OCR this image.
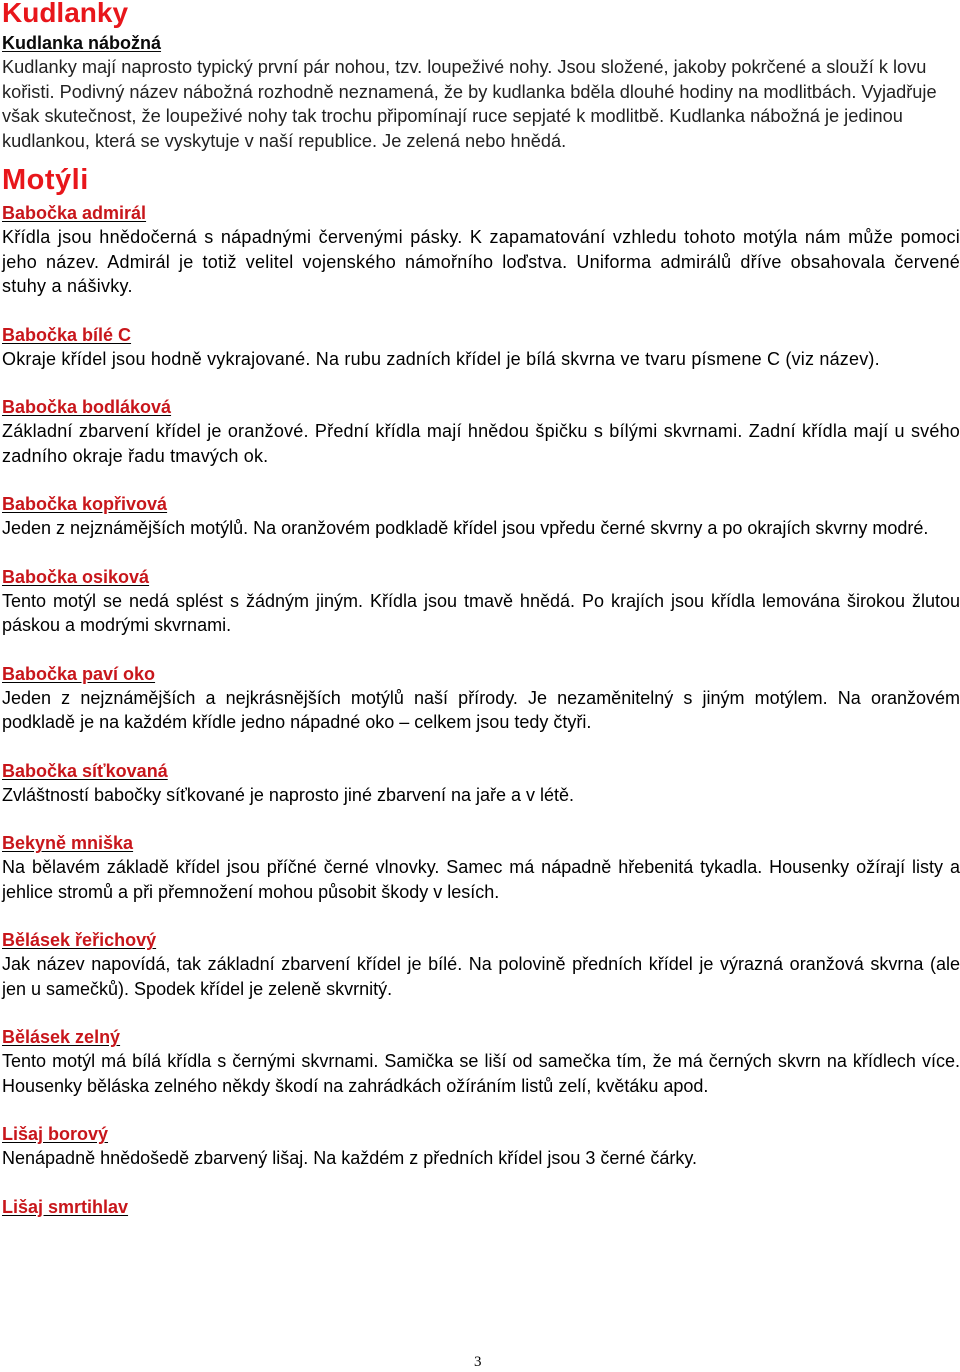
Kudlanky
Kudlanka nábožná

Kudlanky mají naprosto typický první pár nohou, tzv. loupeživé nohy. Jsou složené, jakoby pokrčené a slouží k lovu kořisti. Podivný název nábožná rozhodně neznamená, že by kudlanka bděla dlouhé hodiny na modlitbách. Vyjadřuje však skutečnost, že loupeživé nohy tak trochu připomínají ruce sepjaté k modlitbě. Kudlanka nábožná je jedinou kudlankou, která se vyskytuje v naší republice. Je zelená nebo hnědá.

Motýli
Babočka admirál

Křídla jsou hnědočerná s nápadnými červenými pásky. K zapamatování vzhledu tohoto motýla nám může pomoci jeho název. Admirál je totiž velitel vojenského námořního loďstva. Uniforma admirálů dříve obsahovala červené stuhy a nášivky.

Babočka bílé C

Okraje křídel jsou hodně vykrajované. Na rubu zadních křídel je bílá skvrna ve tvaru písmene C (viz název).

Babočka bodláková

Základní zbarvení křídel je oranžové. Přední křídla mají hnědou špičku s bílými skvrnami. Zadní křídla mají u svého zadního okraje řadu tmavých ok.

Babočka kopřivová

Jeden z nejznámějších motýlů. Na oranžovém podkladě křídel jsou vpředu černé skvrny a po okrajích skvrny modré.

Babočka osiková

Tento motýl se nedá splést s žádným jiným. Křídla jsou tmavě hnědá. Po krajích jsou křídla lemována širokou žlutou páskou a modrými skvrnami.

Babočka paví oko

Jeden z nejznámějších a nejkrásnějších motýlů naší přírody. Je nezaměnitelný s jiným motýlem. Na oranžovém podkladě je na každém křídle jedno nápadné oko – celkem jsou tedy čtyři.

Babočka síťkovaná

Zvláštností babočky síťkované je naprosto jiné zbarvení na jaře a v létě.

Bekyně mniška

Na bělavém základě křídel jsou příčné černé vlnovky. Samec má nápadně hřebenitá tykadla. Housenky ožírají listy a jehlice stromů a při přemnožení mohou působit škody v lesích.

Bělásek řeřichový

Jak název napovídá, tak základní zbarvení křídel je bílé. Na polovině předních křídel je výrazná oranžová skvrna (ale jen u samečků). Spodek křídel je zeleně skvrnitý.

Bělásek zelný

Tento motýl má bílá křídla s černými skvrnami. Samička se liší od samečka tím, že má černých skvrn na křídlech více. Housenky běláska zelného někdy škodí na zahrádkách ožíráním listů zelí, květáku apod.

Lišaj borový

Nenápadně hnědošedě zbarvený lišaj. Na každém z předních křídel jsou 3 černé čárky.

Lišaj smrtihlav
3
